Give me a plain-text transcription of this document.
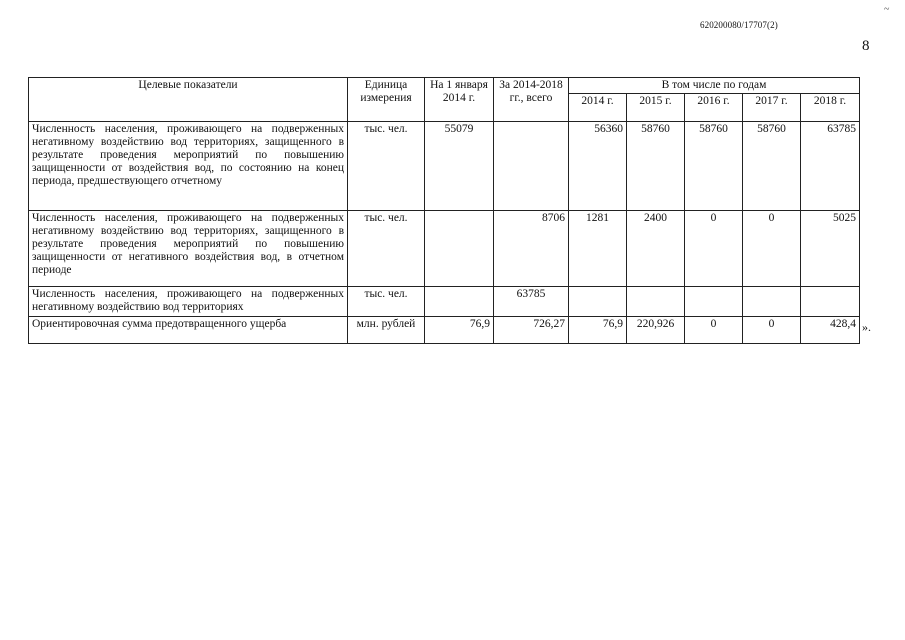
~
620200080/17707(2)
8
Целевые показатели	Единица измерения	На 1 января 2014 г.	За 2014-2018 гг., всего	В том числе по годам				
				2014 г.	2015 г.	2016 г.	2017 г.	2018 г.
Численность населения, проживающего на подверженных негативному воздействию вод территориях, защищенного в результате проведения мероприятий по повышению защищенности от воздействия вод, по состоянию на конец периода, предшествующего отчетному	тыс. чел.	55079		56360	58760	58760	58760	63785
Численность населения, проживающего на подверженных негативному воздействию вод территориях, защищенного в результате проведения мероприятий по повышению защищенности от негативного воздействия вод, в отчетном периоде	тыс. чел.		8706	1281	2400	0	0	5025
Численность населения, проживающего на подверженных негативному воздействию вод территориях	тыс. чел.		63785					
Ориентировочная сумма предотвращенного ущерба	млн. рублей	76,9	726,27	76,9	220,926	0	0	428,4 ».
